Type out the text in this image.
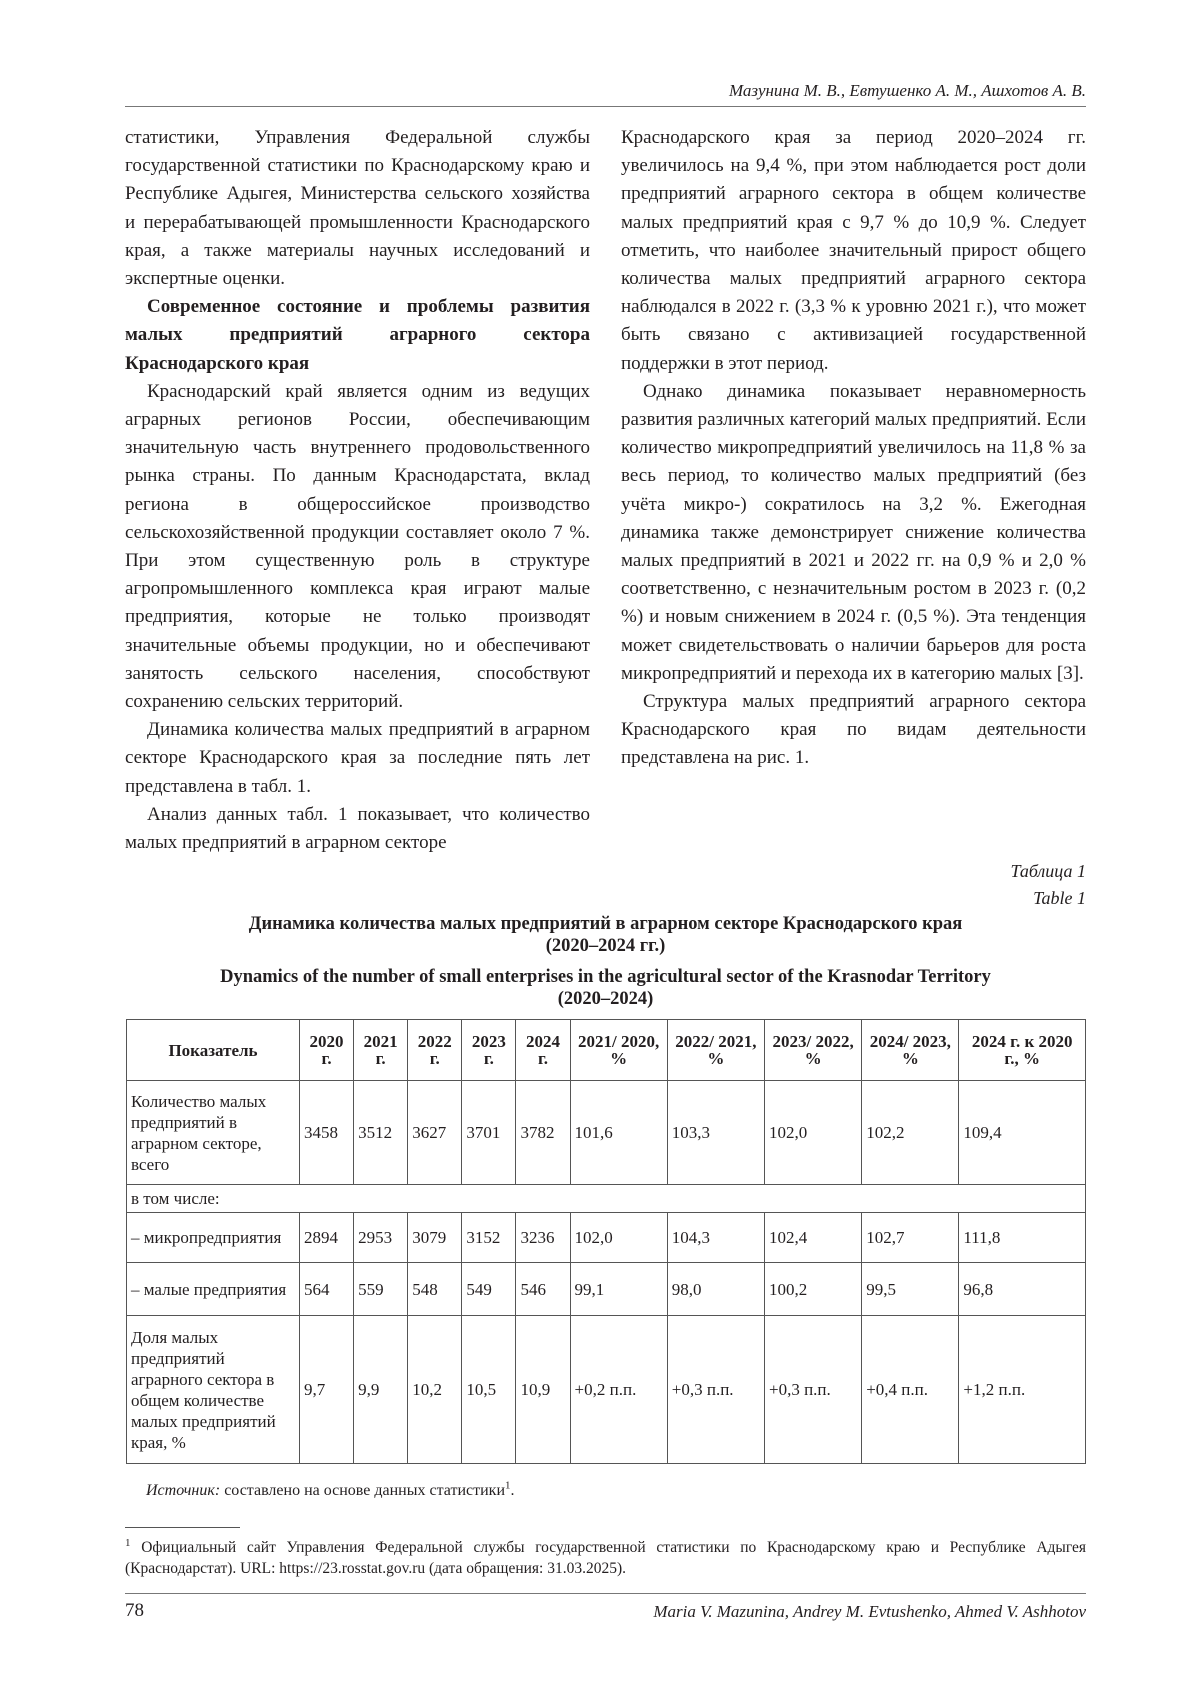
Мазунина М. В., Евтушенко А. М., Ашхотов А. В.

статистики, Управления Федеральной службы государственной статистики по Краснодарскому краю и Республике Адыгея, Министерства сельского хозяйства и перерабатывающей промышленности Краснодарского края, а также материалы научных исследований и экспертные оценки.

Современное состояние и проблемы развития малых предприятий аграрного сектора Краснодарского края

Краснодарский край является одним из ведущих аграрных регионов России, обеспечивающим значительную часть внутреннего продовольственного рынка страны. По данным Краснодарстата, вклад региона в общероссийское производство сельскохозяйственной продукции составляет около 7 %. При этом существенную роль в структуре агропромышленного комплекса края играют малые предприятия, которые не только производят значительные объемы продукции, но и обеспечивают занятость сельского населения, способствуют сохранению сельских территорий.

Динамика количества малых предприятий в аграрном секторе Краснодарского края за последние пять лет представлена в табл. 1.

Анализ данных табл. 1 показывает, что количество малых предприятий в аграрном секторе

Краснодарского края за период 2020–2024 гг. увеличилось на 9,4 %, при этом наблюдается рост доли предприятий аграрного сектора в общем количестве малых предприятий края с 9,7 % до 10,9 %. Следует отметить, что наиболее значительный прирост общего количества малых предприятий аграрного сектора наблюдался в 2022 г. (3,3 % к уровню 2021 г.), что может быть связано с активизацией государственной поддержки в этот период.

Однако динамика показывает неравномерность развития различных категорий малых предприятий. Если количество микропредприятий увеличилось на 11,8 % за весь период, то количество малых предприятий (без учёта микро-) сократилось на 3,2 %. Ежегодная динамика также демонстрирует снижение количества малых предприятий в 2021 и 2022 гг. на 0,9 % и 2,0 % соответственно, с незначительным ростом в 2023 г. (0,2 %) и новым снижением в 2024 г. (0,5 %). Эта тенденция может свидетельствовать о наличии барьеров для роста микропредприятий и перехода их в категорию малых [3].

Структура малых предприятий аграрного сектора Краснодарского края по видам деятельности представлена на рис. 1.

Таблица 1
Table 1
Динамика количества малых предприятий в аграрном секторе Краснодарского края
(2020–2024 гг.)
Dynamics of the number of small enterprises in the agricultural sector of the Krasnodar Territory
(2020–2024)
Показатель	2020 г.	2021 г.	2022 г.	2023 г.	2024 г.	2021/ 2020, %	2022/ 2021, %	2023/ 2022, %	2024/ 2023, %	2024 г. к 2020 г., %
Количество малых предприятий в аграрном секторе, всего	3458	3512	3627	3701	3782	101,6	103,3	102,0	102,2	109,4
в том числе:										
– микропредприятия	2894	2953	3079	3152	3236	102,0	104,3	102,4	102,7	111,8
– малые предприятия	564	559	548	549	546	99,1	98,0	100,2	99,5	96,8
Доля малых предприятий аграрного сектора в общем количестве малых предприятий края, %	9,7	9,9	10,2	10,5	10,9	+0,2 п.п.	+0,3 п.п.	+0,3 п.п.	+0,4 п.п.	+1,2 п.п.
Источник: составлено на основе данных статистики$^1$.
$^1$ Официальный сайт Управления Федеральной службы государственной статистики по Краснодарскому краю и Республике Адыгея (Краснодарстат). URL: https://23.rosstat.gov.ru (дата обращения: 31.03.2025).
78	Maria V. Mazunina, Andrey M. Evtushenko, Ahmed V. Ashhotov
